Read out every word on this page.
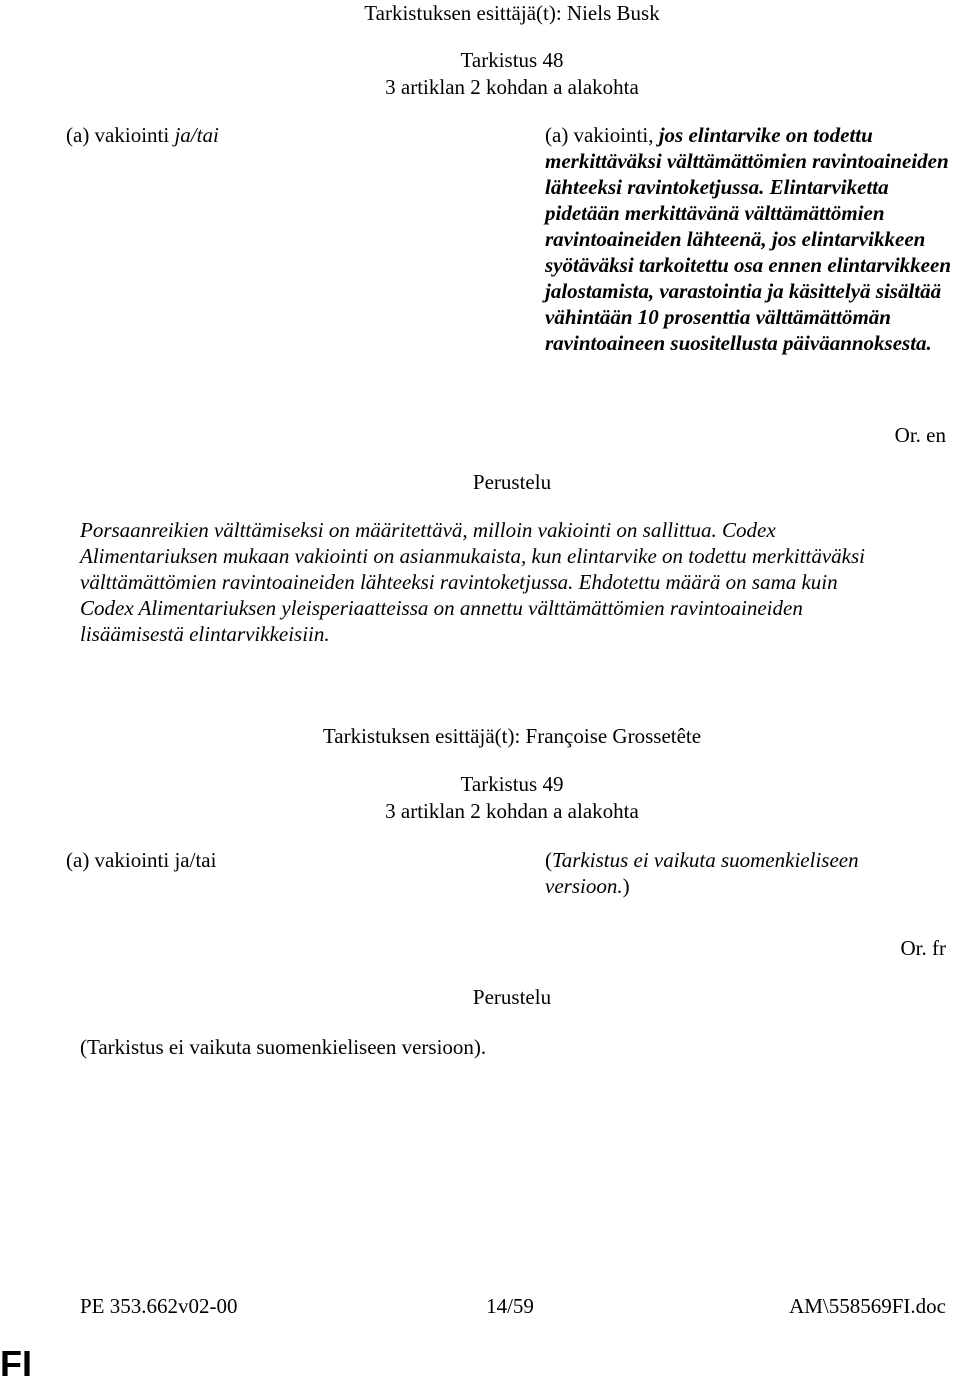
Tarkistuksen esittäjä(t): Niels Busk
Tarkistus 48
3 artiklan 2 kohdan a alakohta
(a) vakiointi ja/tai	(a) vakiointi, jos elintarvike on todettu merkittäväksi välttämättömien ravintoaineiden lähteeksi ravintoketjussa. Elintarviketta pidetään merkittävänä välttämättömien ravintoaineiden lähteenä, jos elintarvikkeen syötäväksi tarkoitettu osa ennen elintarvikkeen jalostamista, varastointia ja käsittelyä sisältää vähintään 10 prosenttia välttämättömän ravintoaineen suositellusta päiväannoksesta.
Or. en
Perustelu
Porsaanreikien välttämiseksi on määritettävä, milloin vakiointi on sallittua. Codex Alimentariuksen mukaan vakiointi on asianmukaista, kun elintarvike on todettu merkittäväksi välttämättömien ravintoaineiden lähteeksi ravintoketjussa. Ehdotettu määrä on sama kuin Codex Alimentariuksen yleisperiaatteissa on annettu välttämättömien ravintoaineiden lisäämisestä elintarvikkeisiin.
Tarkistuksen esittäjä(t): Françoise Grossetête
Tarkistus 49
3 artiklan 2 kohdan a alakohta
(a) vakiointi ja/tai	(Tarkistus ei vaikuta suomenkieliseen versioon.)
Or. fr
Perustelu
(Tarkistus ei vaikuta suomenkieliseen versioon).
PE 353.662v02-00	14/59	AM\558569FI.doc
FI
